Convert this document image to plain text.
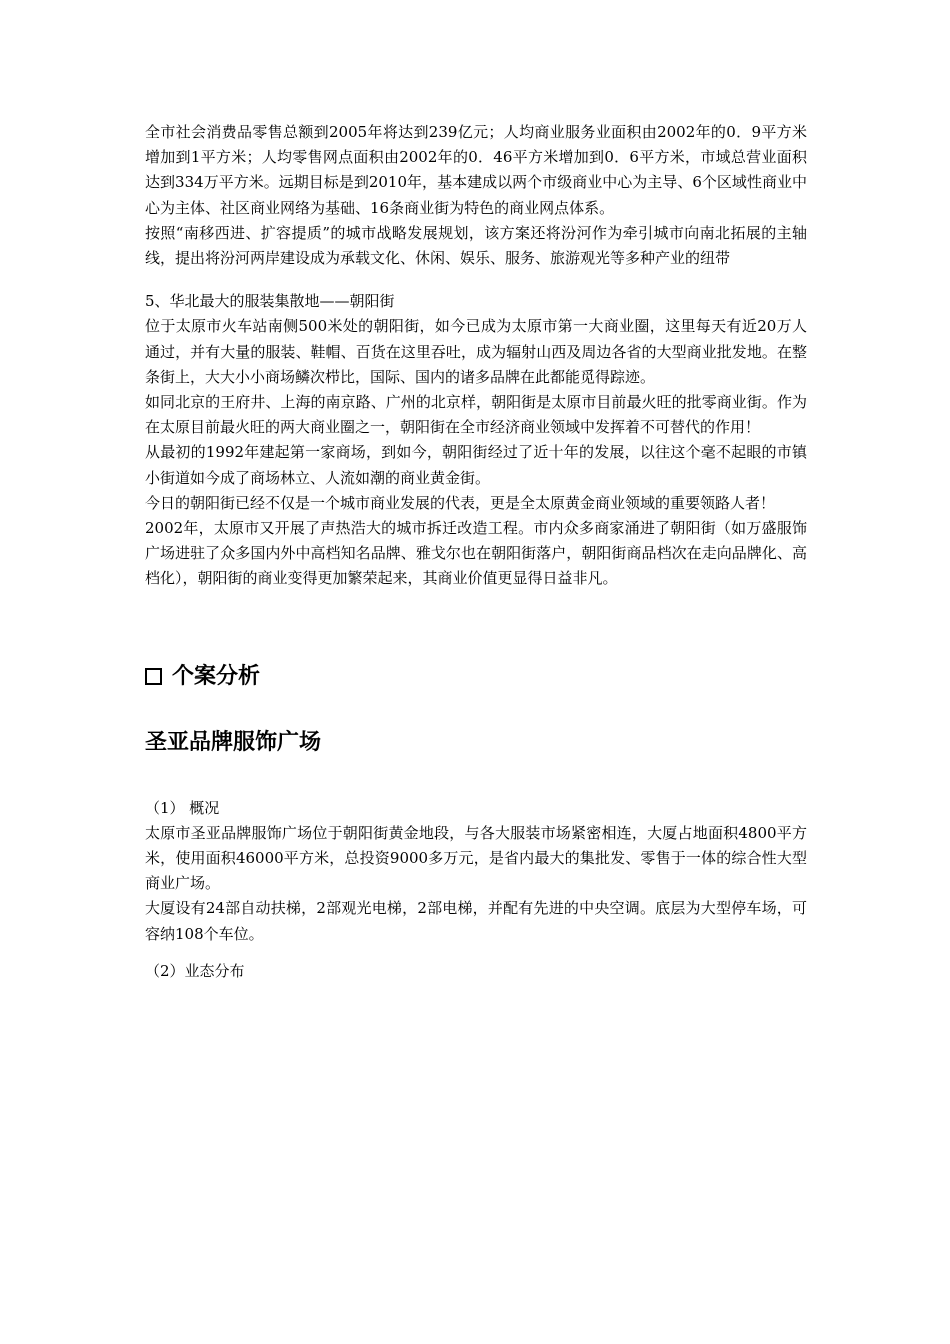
全市社会消费品零售总额到2005年将达到239亿元；人均商业服务业面积由2002年的0．9平方米增加到1平方米；人均零售网点面积由2002年的0．46平方米增加到0．6平方米，市域总营业面积达到334万平方米。远期目标是到2010年，基本建成以两个市级商业中心为主导、6个区域性商业中心为主体、社区商业网络为基础、16条商业街为特色的商业网点体系。

按照“南移西进、扩容提质”的城市战略发展规划，该方案还将汾河作为牵引城市向南北拓展的主轴线，提出将汾河两岸建设成为承载文化、休闲、娱乐、服务、旅游观光等多种产业的纽带

5、华北最大的服装集散地——朝阳街

位于太原市火车站南侧500米处的朝阳街，如今已成为太原市第一大商业圈，这里每天有近20万人通过，并有大量的服装、鞋帽、百货在这里吞吐，成为辐射山西及周边各省的大型商业批发地。在整条街上，大大小小商场鳞次栉比，国际、国内的诸多品牌在此都能觅得踪迹。

如同北京的王府井、上海的南京路、广州的北京样，朝阳街是太原市目前最火旺的批零商业街。作为在太原目前最火旺的两大商业圈之一，朝阳街在全市经济商业领域中发挥着不可替代的作用！

从最初的1992年建起第一家商场，到如今，朝阳街经过了近十年的发展，以往这个毫不起眼的市镇小街道如今成了商场林立、人流如潮的商业黄金街。

今日的朝阳街已经不仅是一个城市商业发展的代表，更是全太原黄金商业领域的重要领路人者！

2002年，太原市又开展了声热浩大的城市拆迁改造工程。市内众多商家涌进了朝阳街（如万盛服饰广场进驻了众多国内外中高档知名品牌、雅戈尔也在朝阳街落户，朝阳街商品档次在走向品牌化、高档化），朝阳街的商业变得更加繁荣起来，其商业价值更显得日益非凡。

个案分析
圣亚品牌服饰广场

（1） 概况

太原市圣亚品牌服饰广场位于朝阳街黄金地段，与各大服装市场紧密相连，大厦占地面积4800平方米，使用面积46000平方米，总投资9000多万元，是省内最大的集批发、零售于一体的综合性大型商业广场。

大厦设有24部自动扶梯，2部观光电梯，2部电梯，并配有先进的中央空调。底层为大型停车场，可容纳108个车位。

（2）业态分布
